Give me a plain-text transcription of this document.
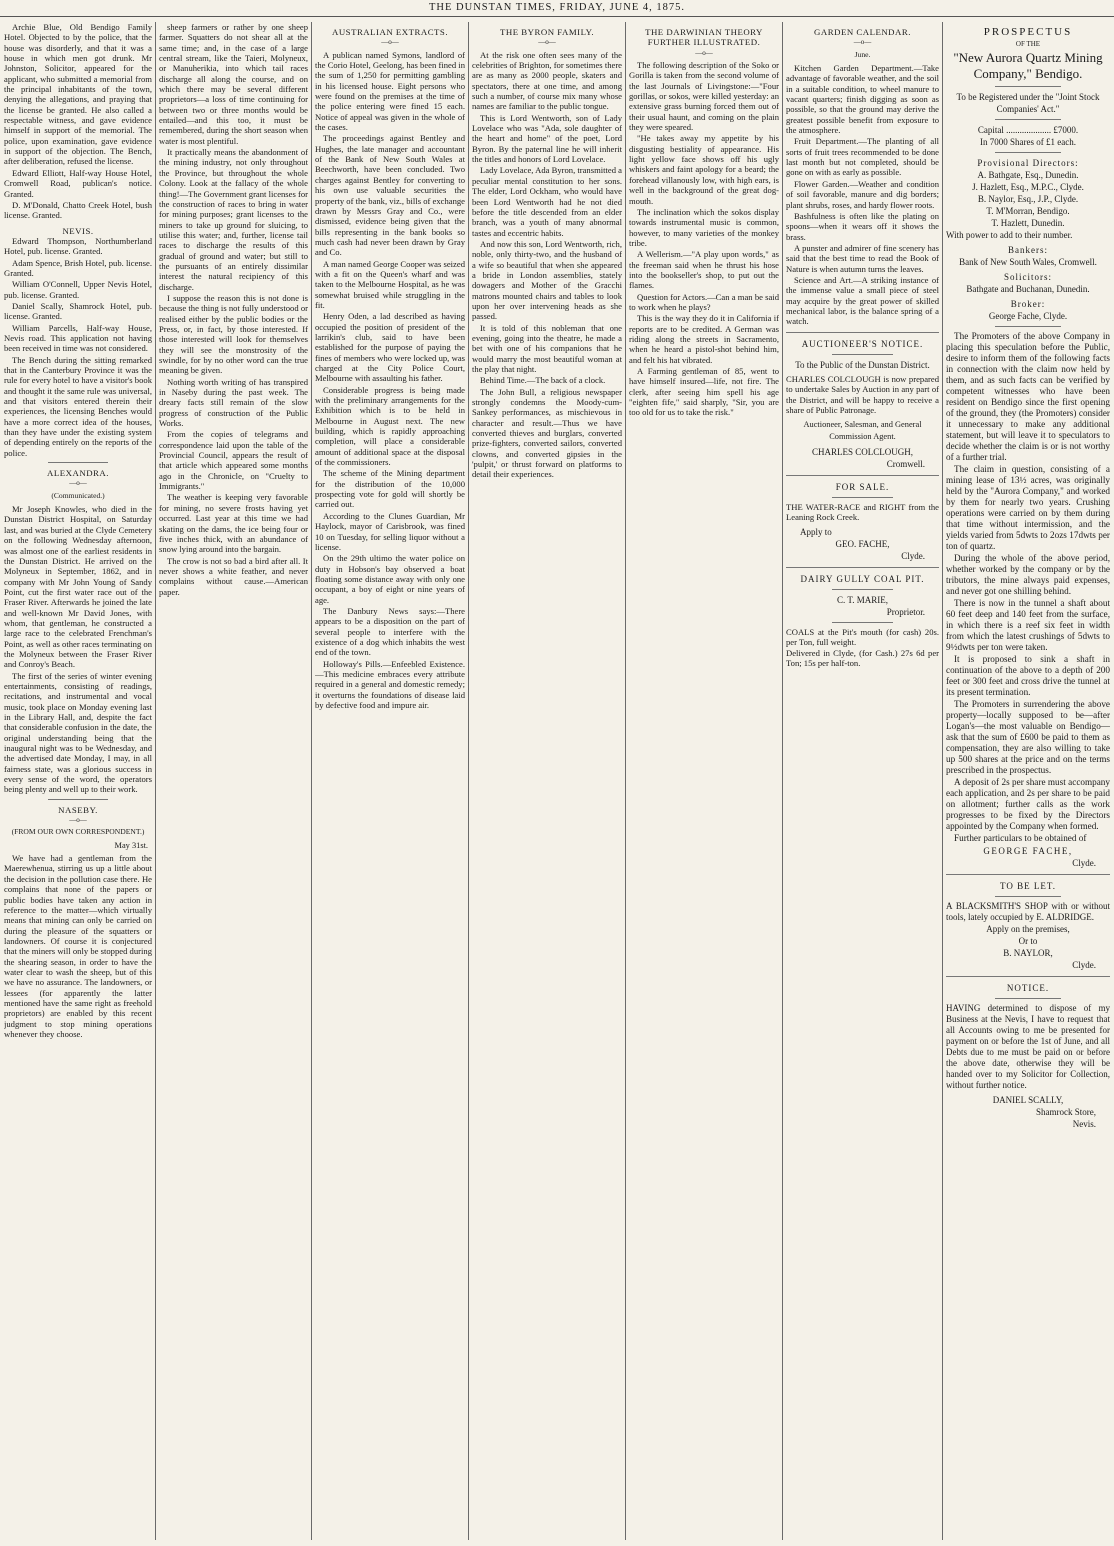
THE DUNSTAN TIMES, FRIDAY, JUNE 4, 1875.

Archie Blue, Old Bendigo Family Hotel. Objected to by the police, that the house was disorderly, and that it was a house in which men got drunk. Mr Johnston, Solicitor, appeared for the applicant, who submitted a memorial from the principal inhabitants of the town, denying the allegations, and praying that the license be granted. He also called a respectable witness, and gave evidence himself in support of the memorial. The police, upon examination, gave evidence in support of the objection. The Bench, after deliberation, refused the license.

Edward Elliott, Half-way House Hotel, Cromwell Road, publican's notice. Granted.

D. M'Donald, Chatto Creek Hotel, bush license. Granted.

NEVIS.

Edward Thompson, Northumberland Hotel, pub. license. Granted.

Adam Spence, Brish Hotel, pub. license. Granted.

William O'Connell, Upper Nevis Hotel, pub. license. Granted.

Daniel Scally, Shamrock Hotel, pub. license. Granted.

William Parcells, Half-way House, Nevis road. This application not having been received in time was not considered.

The Bench during the sitting remarked that in the Canterbury Province it was the rule for every hotel to have a visitor's book and thought it the same rule was universal, and that visitors entered therein their experiences, the licensing Benches would have a more correct idea of the houses, than they have under the existing system of depending entirely on the reports of the police.

ALEXANDRA.
—o—
(Communicated.)

Mr Joseph Knowles, who died in the Dunstan District Hospital, on Saturday last, and was buried at the Clyde Cemetery on the following Wednesday afternoon, was almost one of the earliest residents in the Dunstan District. He arrived on the Molyneux in September, 1862, and in company with Mr John Young of Sandy Point, cut the first water race out of the Fraser River. Afterwards he joined the late and well-known Mr David Jones, with whom, that gentleman, he constructed a large race to the celebrated Frenchman's Point, as well as other races terminating on the Molyneux between the Fraser River and Conroy's Beach.

The first of the series of winter evening entertainments, consisting of readings, recitations, and instrumental and vocal music, took place on Monday evening last in the Library Hall, and, despite the fact that considerable confusion in the date, the original understanding being that the inaugural night was to be Wednesday, and the advertised date Monday, I may, in all fairness state, was a glorious success in every sense of the word, the operators being plenty and well up to their work.

NASEBY.
—o—
(FROM OUR OWN CORRESPONDENT.)
May 31st.

We have had a gentleman from the Maerewhenua, stirring us up a little about the decision in the pollution case there. He complains that none of the papers or public bodies have taken any action in reference to the matter—which virtually means that mining can only be carried on during the pleasure of the squatters or landowners. Of course it is conjectured that the miners will only be stopped during the shearing season, in order to have the water clear to wash the sheep, but of this we have no assurance. The landowners, or lessees (for apparently the latter mentioned have the same right as freehold proprietors) are enabled by this recent judgment to stop mining operations whenever they choose.

sheep farmers or rather by one sheep farmer. Squatters do not shear all at the same time; and, in the case of a large central stream, like the Taieri, Molyneux, or Manuherikia, into which tail races discharge all along the course, and on which there may be several different proprietors—a loss of time continuing for between two or three months would be entailed—and this too, it must be remembered, during the short season when water is most plentiful.

It practically means the abandonment of the mining industry, not only throughout the Province, but throughout the whole Colony. Look at the fallacy of the whole thing!—The Government grant licenses for the construction of races to bring in water for mining purposes; grant licenses to the miners to take up ground for sluicing, to utilise this water; and, further, license tail races to discharge the results of this gradual of ground and water; but still to the pursuants of an entirely dissimilar interest the natural recipiency of this discharge.

I suppose the reason this is not done is because the thing is not fully understood or realised either by the public bodies or the Press, or, in fact, by those interested. If those interested will look for themselves they will see the monstrosity of the swindle, for by no other word can the true meaning be given.

Nothing worth writing of has transpired in Naseby during the past week. The dreary facts still remain of the slow progress of construction of the Public Works.

From the copies of telegrams and correspondence laid upon the table of the Provincial Council, appears the result of that article which appeared some months ago in the Chronicle, on "Cruelty to Immigrants."

The weather is keeping very favorable for mining, no severe frosts having yet occurred. Last year at this time we had skating on the dams, the ice being four or five inches thick, with an abundance of snow lying around into the bargain.

The crow is not so bad a bird after all. It never shows a white feather, and never complains without cause.—American paper.

AUSTRALIAN EXTRACTS.
—o—

A publican named Symons, landlord of the Corio Hotel, Geelong, has been fined in the sum of 1,250 for permitting gambling in his licensed house. Eight persons who were found on the premises at the time of the police entering were fined 15 each. Notice of appeal was given in the whole of the cases.

The proceedings against Bentley and Hughes, the late manager and accountant of the Bank of New South Wales at Beechworth, have been concluded. Two charges against Bentley for converting to his own use valuable securities the property of the bank, viz., bills of exchange drawn by Messrs Gray and Co., were dismissed, evidence being given that the bills representing in the bank books so much cash had never been drawn by Gray and Co.

A man named George Cooper was seized with a fit on the Queen's wharf and was taken to the Melbourne Hospital, as he was somewhat bruised while struggling in the fit.

Henry Oden, a lad described as having occupied the position of president of the larrikin's club, said to have been established for the purpose of paying the fines of members who were locked up, was charged at the City Police Court, Melbourne with assaulting his father.

Considerable progress is being made with the preliminary arrangements for the Exhibition which is to be held in Melbourne in August next. The new building, which is rapidly approaching completion, will place a considerable amount of additional space at the disposal of the commissioners.

The scheme of the Mining department for the distribution of the 10,000 prospecting vote for gold will shortly be carried out.

According to the Clunes Guardian, Mr Haylock, mayor of Carisbrook, was fined 10 on Tuesday, for selling liquor without a license.

On the 29th ultimo the water police on duty in Hobson's bay observed a boat floating some distance away with only one occupant, a boy of eight or nine years of age.

The Danbury News says:—There appears to be a disposition on the part of several people to interfere with the existence of a dog which inhabits the west end of the town.

Holloway's Pills.—Enfeebled Existence.—This medicine embraces every attribute required in a general and domestic remedy; it overturns the foundations of disease laid by defective food and impure air.

THE BYRON FAMILY.
—o—

At the risk one often sees many of the celebrities of Brighton, for sometimes there are as many as 2000 people, skaters and spectators, there at one time, and among such a number, of course mix many whose names are familiar to the public tongue.

This is Lord Wentworth, son of Lady Lovelace who was "Ada, sole daughter of the heart and home" of the poet, Lord Byron. By the paternal line he will inherit the titles and honors of Lord Lovelace.

Lady Lovelace, Ada Byron, transmitted a peculiar mental constitution to her sons. The elder, Lord Ockham, who would have been Lord Wentworth had he not died before the title descended from an elder branch, was a youth of many abnormal tastes and eccentric habits.

And now this son, Lord Wentworth, rich, noble, only thirty-two, and the husband of a wife so beautiful that when she appeared a bride in London assemblies, stately dowagers and Mother of the Gracchi matrons mounted chairs and tables to look upon her over intervening heads as she passed.

It is told of this nobleman that one evening, going into the theatre, he made a bet with one of his companions that he would marry the most beautiful woman at the play that night.

Behind Time.—The back of a clock.

The John Bull, a religious newspaper strongly condemns the Moody-cum-Sankey performances, as mischievous in character and result.—Thus we have converted thieves and burglars, converted prize-fighters, converted sailors, converted clowns, and converted gipsies in the 'pulpit,' or thrust forward on platforms to detail their experiences.

THE DARWINIAN THEORY FURTHER ILLUSTRATED.
—o—

The following description of the Soko or Gorilla is taken from the second volume of the last Journals of Livingstone:—"Four gorillas, or sokos, were killed yesterday: an extensive grass burning forced them out of their usual haunt, and coming on the plain they were speared.

"He takes away my appetite by his disgusting bestiality of appearance. His light yellow face shows off his ugly whiskers and faint apology for a beard; the forehead villanously low, with high ears, is well in the background of the great dog-mouth.

The inclination which the sokos display towards instrumental music is common, however, to many varieties of the monkey tribe.

A Wellerism.—"A play upon words," as the freeman said when he thrust his hose into the bookseller's shop, to put out the flames.

Question for Actors.—Can a man be said to work when he plays?

This is the way they do it in California if reports are to be credited. A German was riding along the streets in Sacramento, when he heard a pistol-shot behind him, and felt his hat vibrated.

A Farming gentleman of 85, went to have himself insured—life, not fire. The clerk, after seeing him spell his age "eighten fife," said sharply, "Sir, you are too old for us to take the risk."

GARDEN CALENDAR.
—o—
June.

Kitchen Garden Department.—Take advantage of favorable weather, and the soil in a suitable condition, to wheel manure to vacant quarters; finish digging as soon as possible, so that the ground may derive the greatest possible benefit from exposure to the atmosphere.

Fruit Department.—The planting of all sorts of fruit trees recommended to be done last month but not completed, should be gone on with as early as possible.

Flower Garden.—Weather and condition of soil favorable, manure and dig borders; plant shrubs, roses, and hardy flower roots.

Bashfulness is often like the plating on spoons—when it wears off it shows the brass.

A punster and admirer of fine scenery has said that the best time to read the Book of Nature is when autumn turns the leaves.

Science and Art.—A striking instance of the immense value a small piece of steel may acquire by the great power of skilled mechanical labor, is the balance spring of a watch.

AUCTIONEER'S NOTICE.

To the Public of the Dunstan District.

CHARLES COLCLOUGH is now prepared to undertake Sales by Auction in any part of the District, and will be happy to receive a share of Public Patronage.

Auctioneer, Salesman, and General Commission Agent.

CHARLES COLCLOUGH,

Cromwell.

FOR SALE.

THE WATER-RACE and RIGHT from the Leaning Rock Creek.

Apply to

GEO. FACHE,

Clyde.

DAIRY GULLY COAL PIT.

C. T. MARIE,

Proprietor.

COALS at the Pit's mouth (for cash) 20s. per Ton, full weight.

Delivered in Clyde, (for Cash.) 27s 6d per Ton; 15s per half-ton.

PROSPECTUS

OF THE

"New Aurora Quartz Mining Company," Bendigo.

To be Registered under the "Joint Stock Companies' Act."

Capital .................... £7000.

In 7000 Shares of £1 each.

Provisional Directors:

A. Bathgate, Esq., Dunedin.

J. Hazlett, Esq., M.P.C., Clyde.

B. Naylor, Esq., J.P., Clyde.

T. M'Morran, Bendigo.

T. Hazlett, Dunedin.

With power to add to their number.

Bankers:

Bank of New South Wales, Cromwell.

Solicitors:

Bathgate and Buchanan, Dunedin.

Broker:

George Fache, Clyde.

The Promoters of the above Company in placing this speculation before the Public, desire to inform them of the following facts in connection with the claim now held by them, and as such facts can be verified by competent witnesses who have been resident on Bendigo since the first opening of the ground, they (the Promoters) consider it unnecessary to make any additional statement, but will leave it to speculators to decide whether the claim is or is not worthy of a further trial.

The claim in question, consisting of a mining lease of 13½ acres, was originally held by the "Aurora Company," and worked by them for nearly two years. Crushing operations were carried on by them during that time without intermission, and the yields varied from 5dwts to 2ozs 17dwts per ton of quartz.

During the whole of the above period, whether worked by the company or by the tributors, the mine always paid expenses, and never got one shilling behind.

There is now in the tunnel a shaft about 60 feet deep and 140 feet from the surface, in which there is a reef six feet in width from which the latest crushings of 5dwts to 9½dwts per ton were taken.

It is proposed to sink a shaft in continuation of the above to a depth of 200 feet or 300 feet and cross drive the tunnel at its present termination.

The Promoters in surrendering the above property—locally supposed to be—after Logan's—the most valuable on Bendigo—ask that the sum of £600 be paid to them as compensation, they are also willing to take up 500 shares at the price and on the terms prescribed in the prospectus.

A deposit of 2s per share must accompany each application, and 2s per share to be paid on allotment; further calls as the work progresses to be fixed by the Directors appointed by the Company when formed.

Further particulars to be obtained of

GEORGE FACHE,

Clyde.

TO BE LET.

A BLACKSMITH'S SHOP with or without tools, lately occupied by E. ALDRIDGE.

Apply on the premises,

Or to

B. NAYLOR,

Clyde.

NOTICE.

HAVING determined to dispose of my Business at the Nevis, I have to request that all Accounts owing to me be presented for payment on or before the 1st of June, and all Debts due to me must be paid on or before the above date, otherwise they will be handed over to my Solicitor for Collection, without further notice.

DANIEL SCALLY,

Shamrock Store,

Nevis.
